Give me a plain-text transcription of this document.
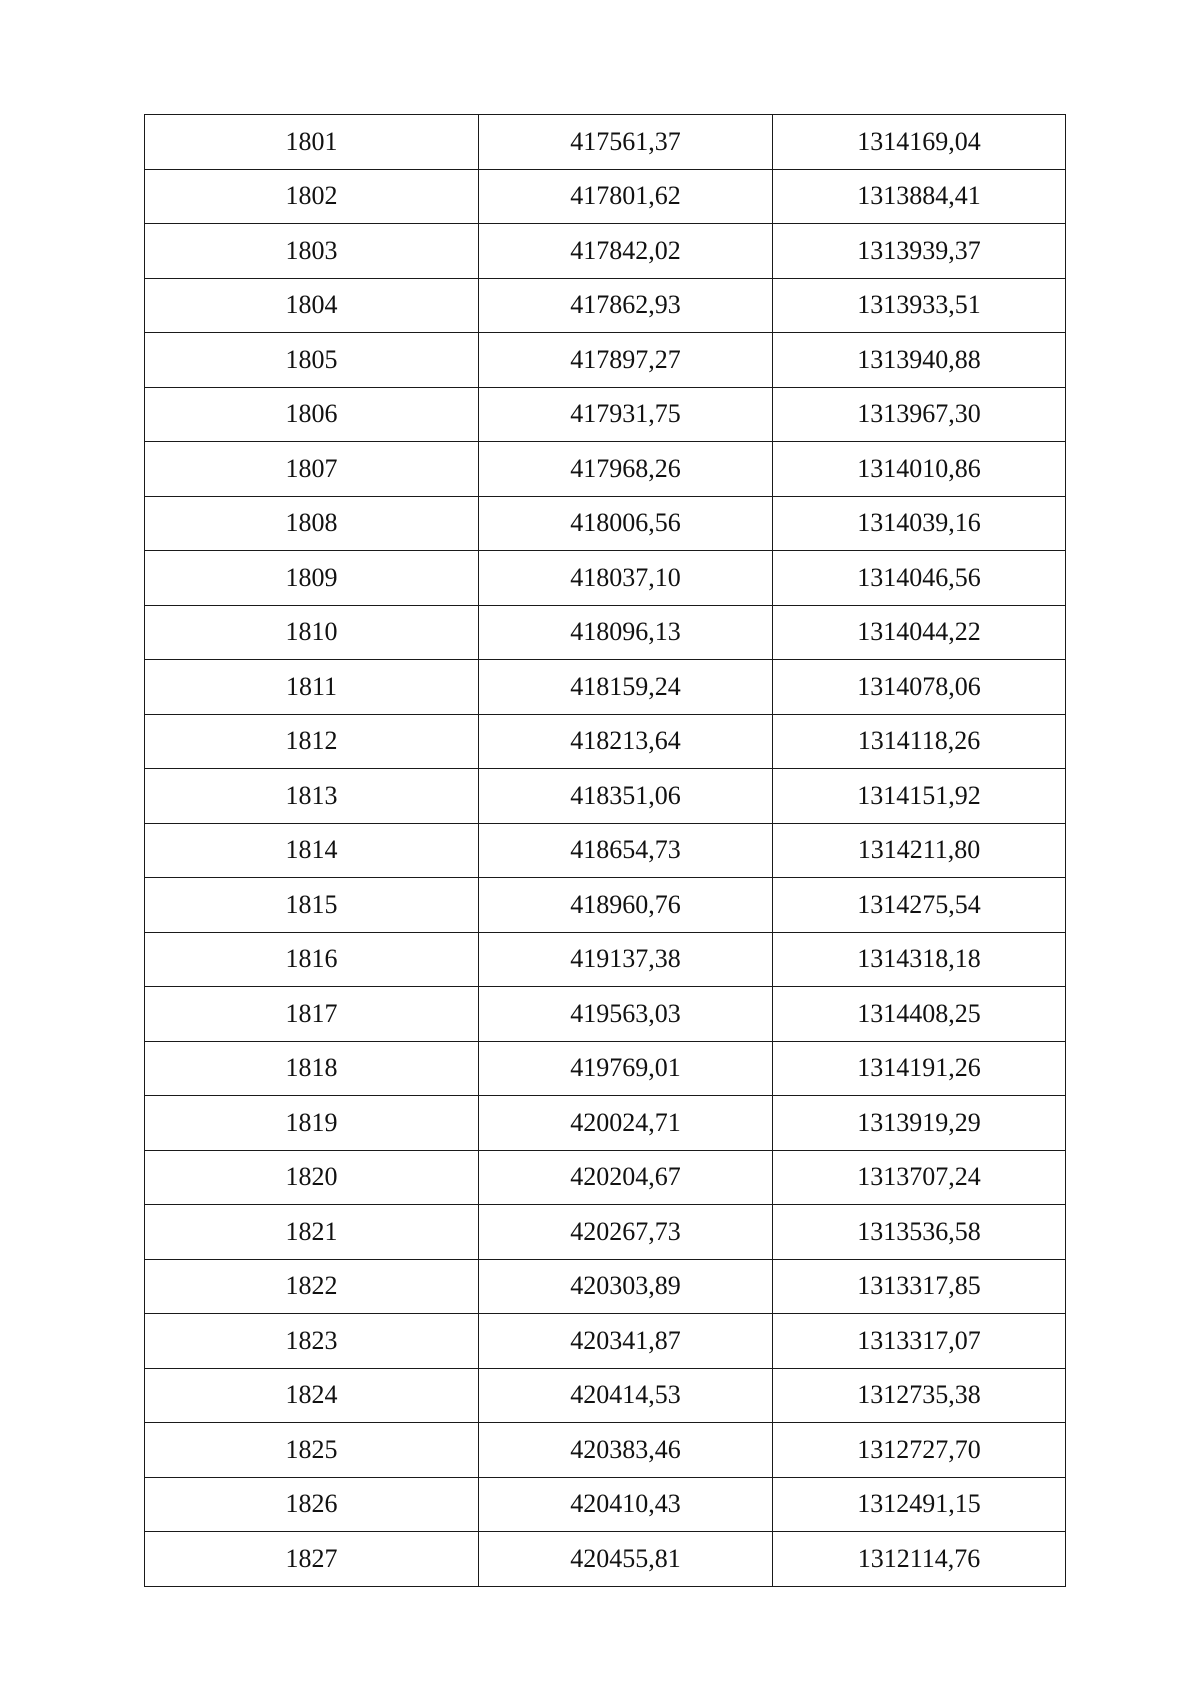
1801	417561,37	1314169,04
1802	417801,62	1313884,41
1803	417842,02	1313939,37
1804	417862,93	1313933,51
1805	417897,27	1313940,88
1806	417931,75	1313967,30
1807	417968,26	1314010,86
1808	418006,56	1314039,16
1809	418037,10	1314046,56
1810	418096,13	1314044,22
1811	418159,24	1314078,06
1812	418213,64	1314118,26
1813	418351,06	1314151,92
1814	418654,73	1314211,80
1815	418960,76	1314275,54
1816	419137,38	1314318,18
1817	419563,03	1314408,25
1818	419769,01	1314191,26
1819	420024,71	1313919,29
1820	420204,67	1313707,24
1821	420267,73	1313536,58
1822	420303,89	1313317,85
1823	420341,87	1313317,07
1824	420414,53	1312735,38
1825	420383,46	1312727,70
1826	420410,43	1312491,15
1827	420455,81	1312114,76
